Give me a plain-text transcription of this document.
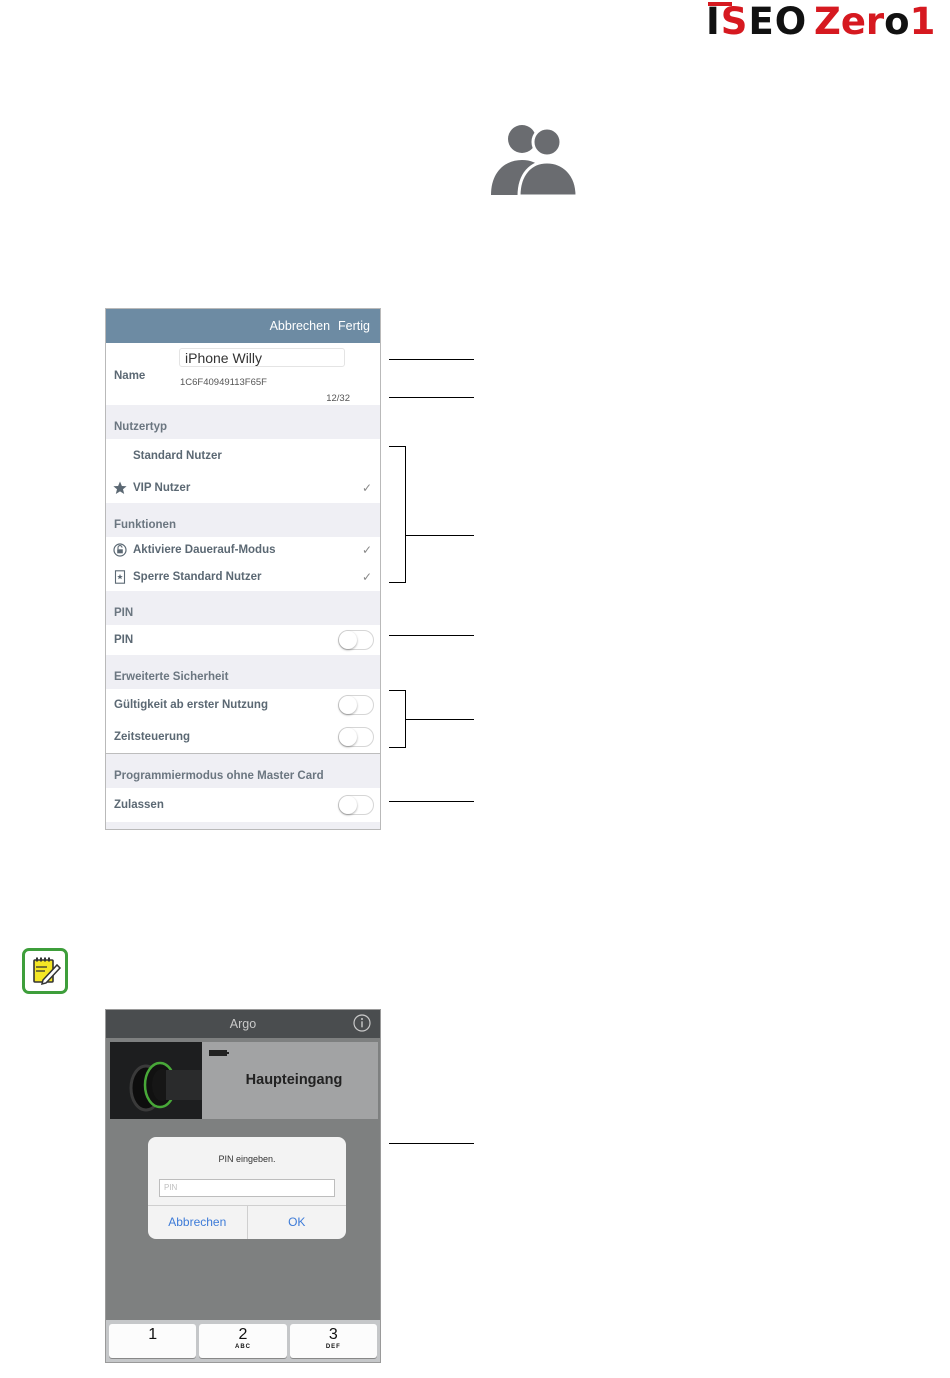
ISEO Zero1
Abbrechen Fertig
Name
iPhone Willy
1C6F40949113F65F
12/32
Nutzertyp
Standard Nutzer
VIP Nutzer	✓
Funktionen
Aktiviere Dauerauf-Modus	✓
Sperre Standard Nutzer	✓
PIN
PIN
Erweiterte Sicherheit
Gültigkeit ab erster Nutzung
Zeitsteuerung
Programmiermodus ohne Master Card
Zulassen
Argo
Haupteingang
PIN eingeben.
PIN
Abbrechen	OK
1	2
ABC
3
DEF
